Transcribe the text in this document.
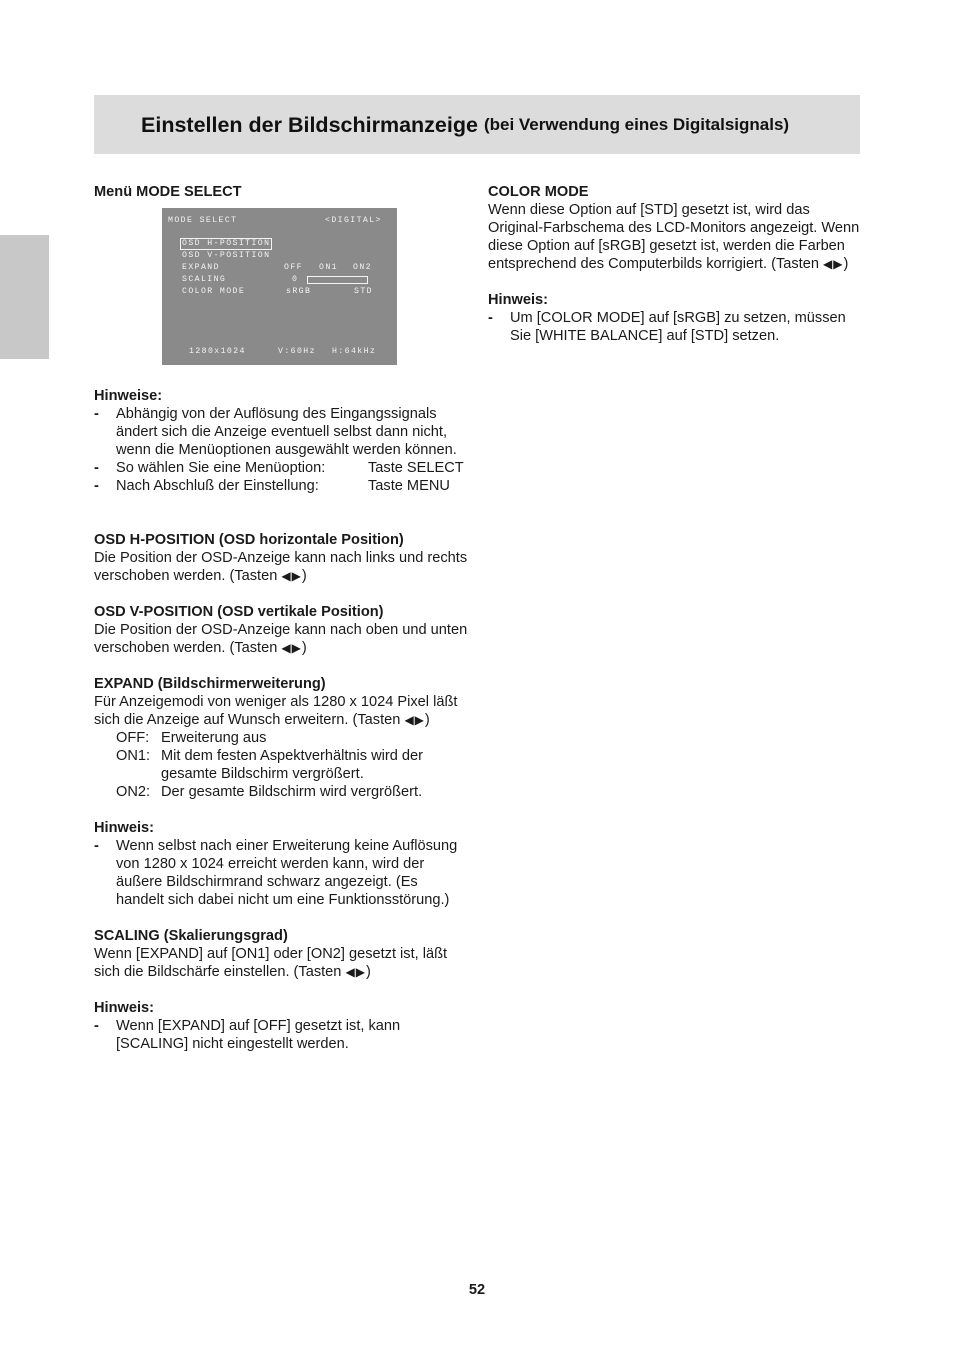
Einstellen der Bildschirmanzeige (bei Verwendung eines Digitalsignals)

Menü MODE SELECT

MODE SELECT	<DIGITAL>
OSD H-POSITION
OSD V-POSITION
EXPAND	OFF ON1 ON2
SCALING	0
COLOR MODE	sRGB	STD
1280x1024	V:60Hz H:64kHz

Hinweise:

- Abhängig von der Auflösung des Eingangssignals ändert sich die Anzeige eventuell selbst dann nicht, wenn die Menüoptionen ausgewählt werden können.
- So wählen Sie eine Menüoption:	Taste SELECT
- Nach Abschluß der Einstellung:	Taste MENU

OSD H-POSITION (OSD horizontale Position)

Die Position der OSD-Anzeige kann nach links und rechts verschoben werden. (Tasten ◀▶)

OSD V-POSITION (OSD vertikale Position)

Die Position der OSD-Anzeige kann nach oben und unten verschoben werden. (Tasten ◀▶)

EXPAND (Bildschirmerweiterung)

Für Anzeigemodi von weniger als 1280 x 1024 Pixel läßt sich die Anzeige auf Wunsch erweitern. (Tasten ◀▶)

OFF: Erweiterung aus
ON1: Mit dem festen Aspektverhältnis wird der gesamte Bildschirm vergrößert.
ON2: Der gesamte Bildschirm wird vergrößert.

Hinweis:

- Wenn selbst nach einer Erweiterung keine Auflösung von 1280 x 1024 erreicht werden kann, wird der äußere Bildschirmrand schwarz angezeigt. (Es handelt sich dabei nicht um eine Funktionsstörung.)

SCALING (Skalierungsgrad)

Wenn [EXPAND] auf [ON1] oder [ON2] gesetzt ist, läßt sich die Bildschärfe einstellen. (Tasten ◀▶)

Hinweis:

- Wenn [EXPAND] auf [OFF] gesetzt ist, kann [SCALING] nicht eingestellt werden.

COLOR MODE

Wenn diese Option auf [STD] gesetzt ist, wird das Original-Farbschema des LCD-Monitors angezeigt. Wenn diese Option auf [sRGB] gesetzt ist, werden die Farben entsprechend des Computerbilds korrigiert. (Tasten ◀▶)

Hinweis:

- Um [COLOR MODE] auf [sRGB] zu setzen, müssen Sie [WHITE BALANCE] auf [STD] setzen.
52
